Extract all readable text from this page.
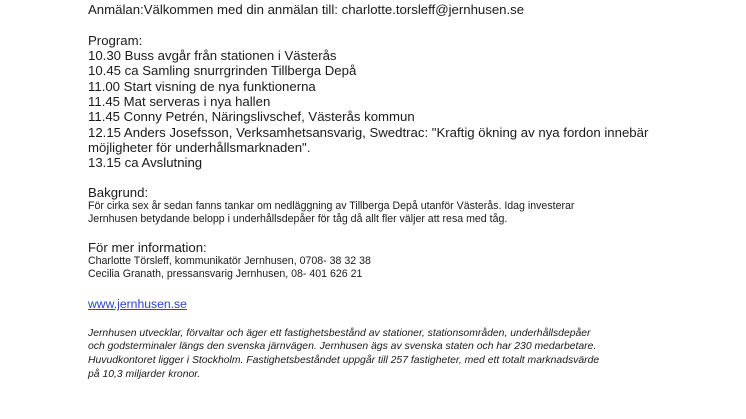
Anmälan:Välkommen med din anmälan till: charlotte.torsleff@jernhusen.se
Program:
10.30 Buss avgår från stationen i Västerås
10.45 ca Samling snurrgrinden Tillberga Depå
11.00 Start visning de nya funktionerna
11.45 Mat serveras i nya hallen
11.45 Conny Petrén, Näringslivschef, Västerås kommun
12.15 Anders Josefsson, Verksamhetsansvarig, Swedtrac: "Kraftig ökning av nya fordon innebär
möjligheter för underhållsmarknaden".
13.15 ca Avslutning
Bakgrund:
För cirka sex år sedan fanns tankar om nedläggning av Tillberga Depå utanför Västerås. Idag investerar
Jernhusen betydande belopp i underhållsdepåer för tåg då allt fler väljer att resa med tåg.
För mer information:
Charlotte Törsleff, kommunikatör Jernhusen, 0708- 38 32 38
Cecilia Granath, pressansvarig Jernhusen, 08- 401 626 21
www.jernhusen.se
Jernhusen utvecklar, förvaltar och äger ett fastighetsbestånd av stationer, stationsområden, underhållsdepåer
och godsterminaler längs den svenska järnvägen. Jernhusen ägs av svenska staten och har 230 medarbetare.
Huvudkontoret ligger i Stockholm. Fastighetsbeståndet uppgår till 257 fastigheter, med ett totalt marknadsvärde
på 10,3 miljarder kronor.
